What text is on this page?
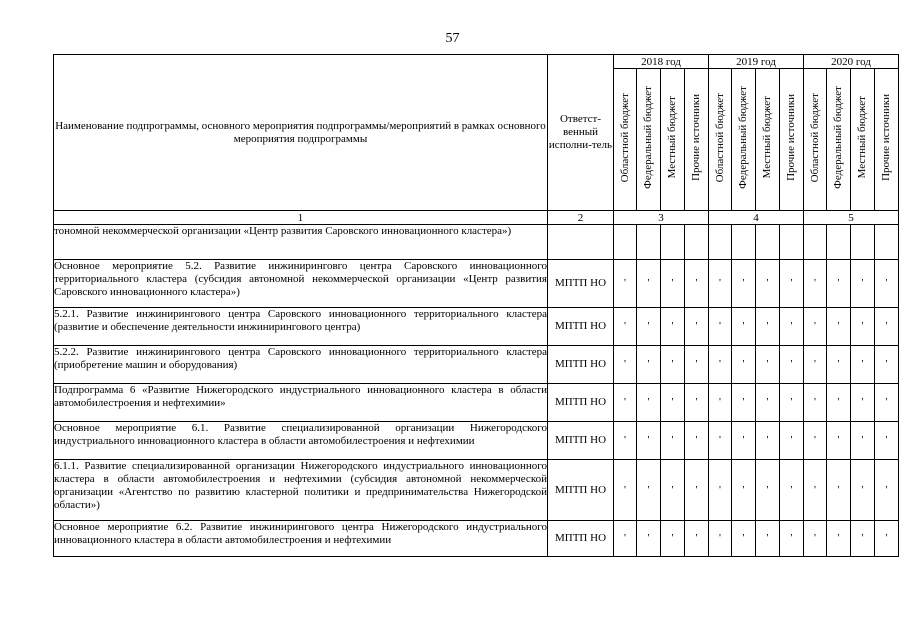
57
Наименование подпрограммы, основного мероприятия подпрограммы/мероприятий в рамках основного мероприятия подпрограммы	Ответст-венный исполни-тель	2018 год				2019 год				2020 год			
		Областной бюджет	Федеральный бюджет	Местный бюджет	Прочие источники	Областной бюджет	Федеральный бюджет	Местный бюджет	Прочие источники	Областной бюджет	Федеральный бюджет	Местный бюджет	Прочие источники
1	2	3				4				5			
тономной некоммерческой организации «Центр развития Саровского инновационного кластера»)													
Основное мероприятие 5.2. Развитие инжиниринговго центра Саровского инновационного территориального кластера (субсидия автономной некоммерческой организации «Центр развития Саровского инновационного кластера»)	МПТП НО	'	'	'	'	'	'	'	'	'	'	'	'
5.2.1. Развитие инжинирингового центра Саровского инновационного территориального кластера (развитие и обеспечение деятельности инжинирингового центра)	МПТП НО	'	'	'	'	'	'	'	'	'	'	'	'
5.2.2. Развитие инжинирингового центра Саровского инновационного территориального кластера (приобретение машин и оборудования)	МПТП НО	'	'	'	'	'	'	'	'	'	'	'	'
Подпрограмма 6 «Развитие Нижегородского индустриального инновационного кластера в области автомобилестроения и нефтехимии»	МПТП НО	'	'	'	'	'	'	'	'	'	'	'	'
Основное мероприятие 6.1. Развитие специализированной организации Нижегородского индустриального инновационного кластера в области автомобилестроения и нефтехимии	МПТП НО	'	'	'	'	'	'	'	'	'	'	'	'
6.1.1. Развитие специализированной организации Нижегородского индустриального инновационного кластера в области автомобилестроения и нефтехимии (субсидия автономной некоммерческой организации «Агентство по развитию кластерной политики и предпринимательства Нижегородской области»)	МПТП НО	'	'	'	'	'	'	'	'	'	'	'	'
Основное мероприятие 6.2. Развитие инжинирингового центра Нижегородского индустриального инновационного кластера в области автомобилестроения и нефтехимии	МПТП НО	'	'	'	'	'	'	'	'	'	'	'	'
